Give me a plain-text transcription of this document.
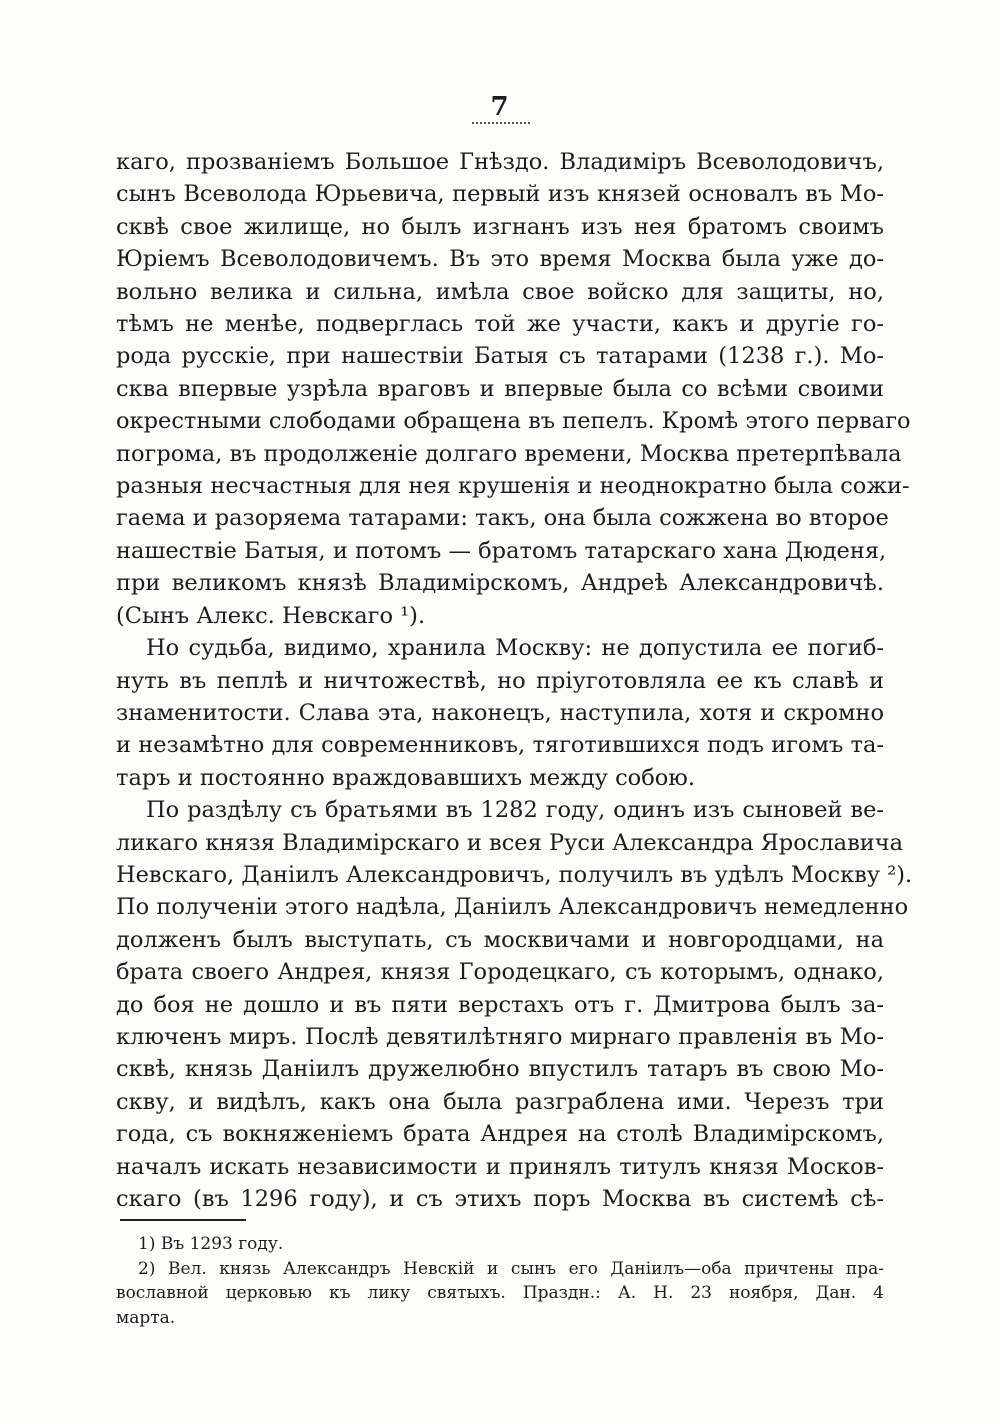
7

каго, прозваніемъ Большое Гнѣздо. Владиміръ Всеволодовичъ,

сынъ Всеволода Юрьевича, первый изъ князей основалъ въ Мо-

сквѣ свое жилище, но былъ изгнанъ изъ нея братомъ своимъ

Юріемъ Всеволодовичемъ. Въ это время Москва была уже до-

вольно велика и сильна, имѣла свое войско для защиты, но,

тѣмъ не менѣе, подверглась той же участи, какъ и другіе го-

рода русскіе, при нашествіи Батыя съ татарами (1238 г.). Мо-

сква впервые узрѣла враговъ и впервые была со всѣми своими

окрестными слободами обращена въ пепелъ. Кромѣ этого перваго

погрома, въ продолженіе долгаго времени, Москва претерпѣвала

разныя несчастныя для нея крушенія и неоднократно была сожи-

гаема и разоряема татарами: такъ, она была сожжена во второе

нашествіе Батыя, и потомъ — братомъ татарскаго хана Дюденя,

при великомъ князѣ Владимірскомъ, Андреѣ Александровичѣ.

(Сынъ Алекс. Невскаго ¹).

Но судьба, видимо, хранила Москву: не допустила ее погиб-

нуть въ пеплѣ и ничтожествѣ, но пріуготовляла ее къ славѣ и

знаменитости. Слава эта, наконецъ, наступила, хотя и скромно

и незамѣтно для современниковъ, тяготившихся подъ игомъ та-

таръ и постоянно враждовавшихъ между собою.

По раздѣлу съ братьями въ 1282 году, одинъ изъ сыновей ве-

ликаго князя Владимірскаго и всея Руси Александра Ярославича

Невскаго, Даніилъ Александровичъ, получилъ въ удѣлъ Москву ²).

По полученіи этого надѣла, Даніилъ Александровичъ немедленно

долженъ былъ выступать, съ москвичами и новгородцами, на

брата своего Андрея, князя Городецкаго, съ которымъ, однако,

до боя не дошло и въ пяти верстахъ отъ г. Дмитрова былъ за-

ключенъ миръ. Послѣ девятилѣтняго мирнаго правленія въ Мо-

сквѣ, князь Даніилъ дружелюбно впустилъ татаръ въ свою Мо-

скву, и видѣлъ, какъ она была разграблена ими. Черезъ три

года, съ вокняженіемъ брата Андрея на столѣ Владимірскомъ,

началъ искать независимости и принялъ титулъ князя Москов-

скаго (въ 1296 году), и съ этихъ поръ Москва въ системѣ сѣ-

1) Въ 1293 году.

2) Вел. князь Александръ Невскій и сынъ его Даніилъ—оба причтены пра-

вославной церковью къ лику святыхъ. Праздн.: А. Н. 23 ноября, Дан. 4

марта.
